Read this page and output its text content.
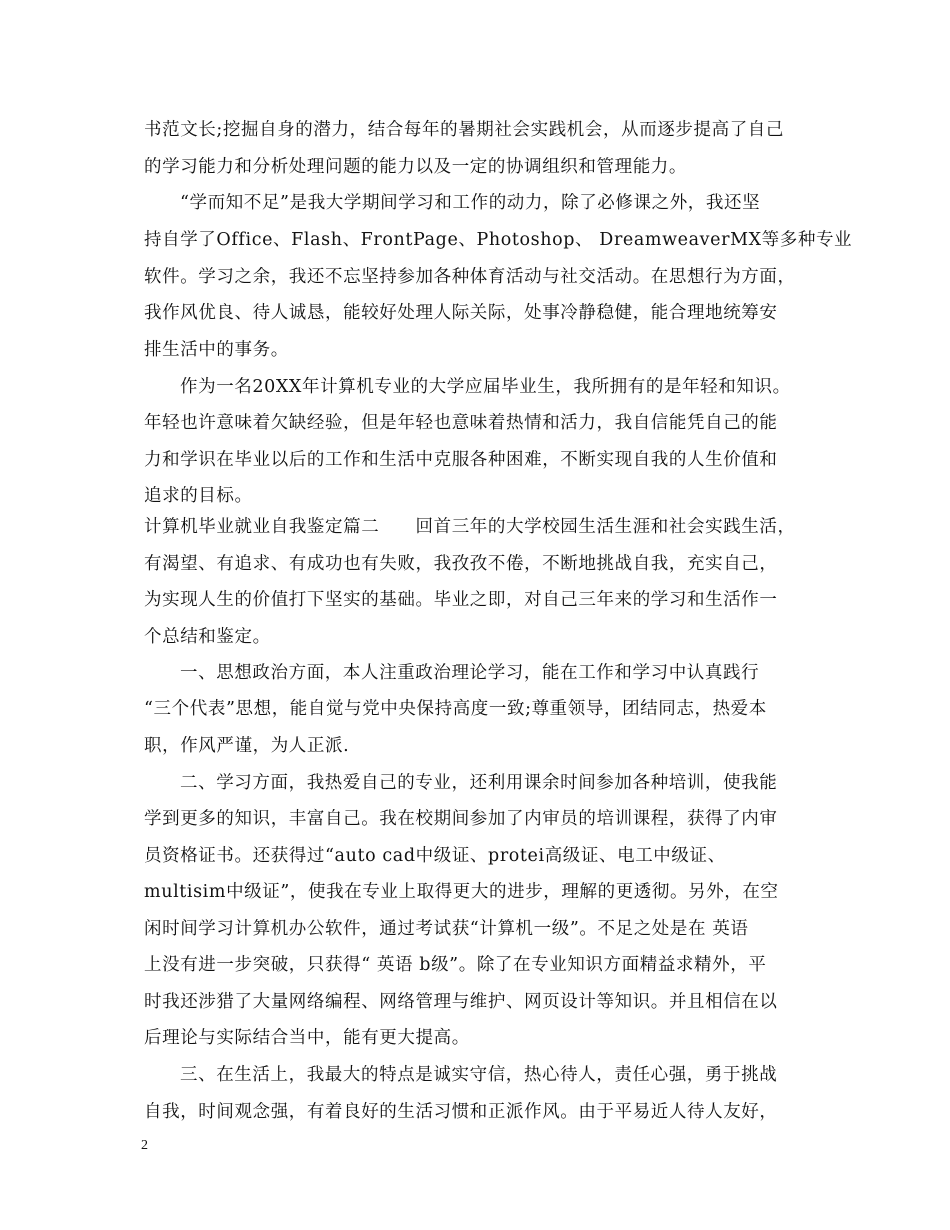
书范文长;挖掘自身的潜力，结合每年的暑期社会实践机会，从而逐步提高了自己
的学习能力和分析处理问题的能力以及一定的协调组织和管理能力。
“学而知不足”是我大学期间学习和工作的动力，除了必修课之外，我还坚
持自学了Office、Flash、FrontPage、Photoshop、 DreamweaverMX等多种专业
软件。学习之余，我还不忘坚持参加各种体育活动与社交活动。在思想行为方面，
我作风优良、待人诚恳，能较好处理人际关际，处事冷静稳健，能合理地统筹安
排生活中的事务。
作为一名20XX年计算机专业的大学应届毕业生，我所拥有的是年轻和知识。
年轻也许意味着欠缺经验，但是年轻也意味着热情和活力，我自信能凭自己的能
力和学识在毕业以后的工作和生活中克服各种困难，不断实现自我的人生价值和
追求的目标。
计算机毕业就业自我鉴定篇二　　回首三年的大学校园生活生涯和社会实践生活，
有渴望、有追求、有成功也有失败，我孜孜不倦，不断地挑战自我，充实自己，
为实现人生的价值打下坚实的基础。毕业之即，对自己三年来的学习和生活作一
个总结和鉴定。
一、思想政治方面，本人注重政治理论学习，能在工作和学习中认真践行
“三个代表”思想，能自觉与党中央保持高度一致;尊重领导，团结同志，热爱本
职，作风严谨，为人正派.
二、学习方面，我热爱自己的专业，还利用课余时间参加各种培训，使我能
学到更多的知识，丰富自己。我在校期间参加了内审员的培训课程，获得了内审
员资格证书。还获得过“auto cad中级证、protei高级证、电工中级证、
multisim中级证”，使我在专业上取得更大的进步，理解的更透彻。另外，在空
闲时间学习计算机办公软件，通过考试获“计算机一级”。不足之处是在 英语
上没有进一步突破，只获得“ 英语 b级”。除了在专业知识方面精益求精外，平
时我还涉猎了大量网络编程、网络管理与维护、网页设计等知识。并且相信在以
后理论与实际结合当中，能有更大提高。
三、在生活上，我最大的特点是诚实守信，热心待人，责任心强，勇于挑战
自我，时间观念强，有着良好的生活习惯和正派作风。由于平易近人待人友好，
2
